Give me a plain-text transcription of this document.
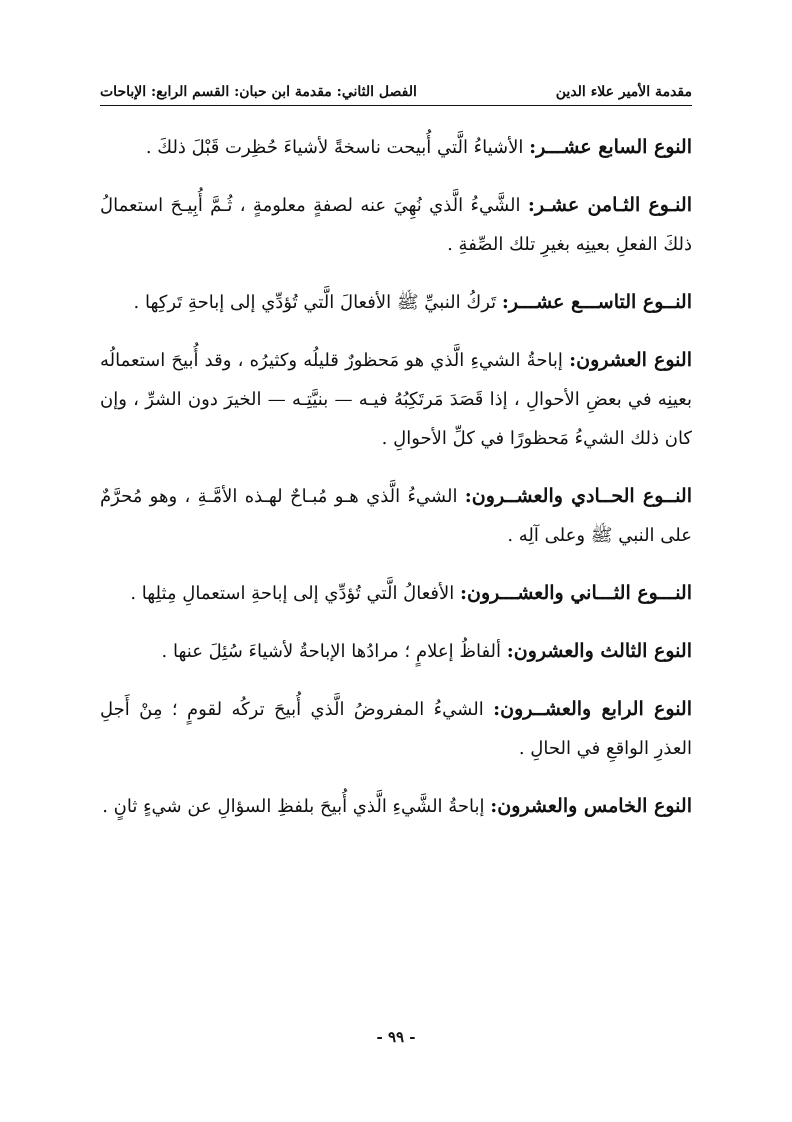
مقدمة الأمير علاء الدين
الفصل الثاني: مقدمة ابن حبان: القسم الرابع: الإباحات

النوع السابع عشـــر: الأشياءُ الَّتي أُبيحت ناسخةً لأشياءَ حُظِرت قَبْلَ ذلكَ .

النـوع الثـامن عشـر: الشَّيءُ الَّذي نُهِيَ عنه لصفةٍ معلومةٍ ، ثُـمَّ أُبِيـحَ استعمالُ ذلكَ الفعلِ بعينِه بغيرِ تلك الصِّفةِ .

النــوع التاســـع عشـــر: تَركُ النبيِّ ﷺ الأفعالَ الَّتي تُؤدِّي إلى إباحةِ تَركِها .

النوع العشرون: إباحةُ الشيءِ الَّذي هو مَحظورٌ قليلُه وكثيرُه ، وقد أُبيحَ استعمالُه بعينِه في بعضِ الأحوالِ ، إذا قَصَدَ مَرتَكِبُهُ فيـه — بنيَّتِـه — الخيرَ دون الشرِّ ، وإن كان ذلك الشيءُ مَحظورًا في كلِّ الأحوالِ .

النــوع الحــادي والعشــرون: الشيءُ الَّذي هـو مُبـاحٌ لهـذه الأمَّـةِ ، وهو مُحرَّمٌ على النبي ﷺ وعلى آلِه .

النـــوع الثـــاني والعشـــرون: الأفعالُ الَّتي تُؤدِّي إلى إباحةِ استعمالِ مِثلِها .

النوع الثالث والعشرون: ألفاظُ إعلامٍ ؛ مرادُها الإباحةُ لأشياءَ سُئِلَ عنها .

النوع الرابع والعشــرون: الشيءُ المفروضُ الَّذي أُبيحَ تركُه لقومٍ ؛ مِنْ أَجلِ العذرِ الواقعِ في الحالِ .

النوع الخامس والعشرون: إباحةُ الشَّيءِ الَّذي أُبيحَ بلفظِ السؤالِ عن شيءٍ ثانٍ .

- ٩٩ -
